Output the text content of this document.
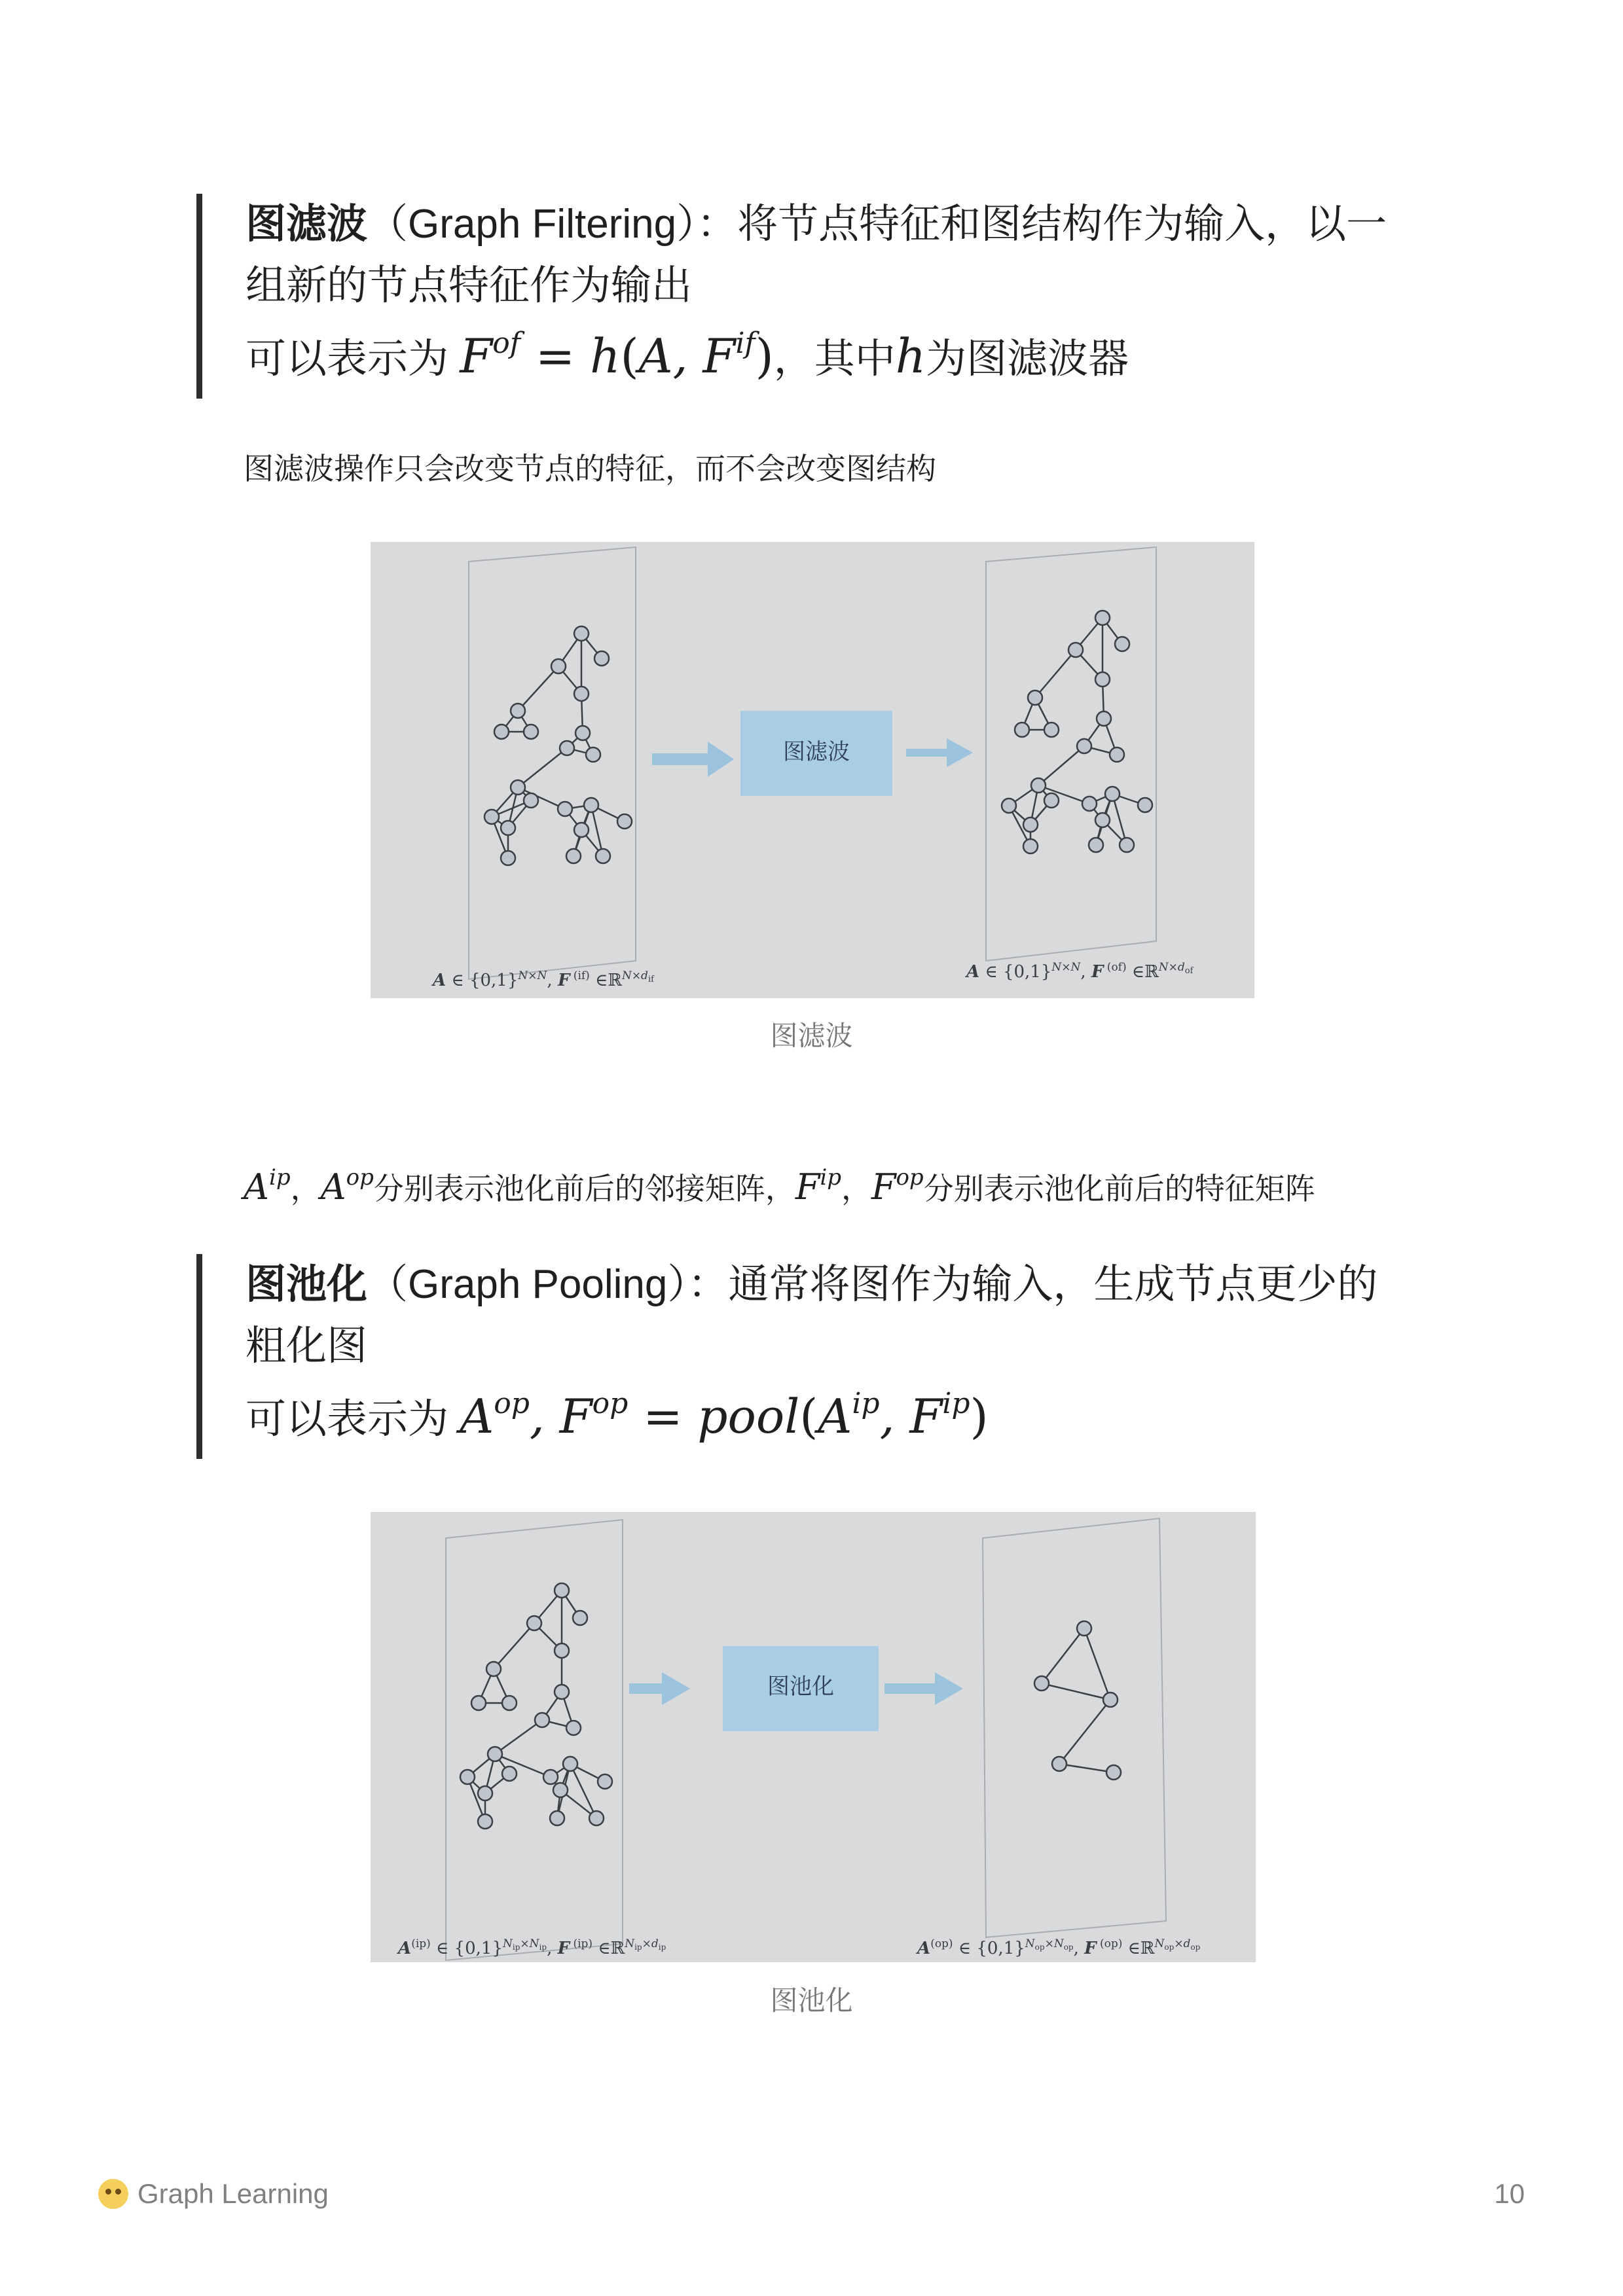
图滤波（Graph Filtering）：将节点特征和图结构作为输入，以一
组新的节点特征作为输出
可以表示为 $F^{of} = h(A$, $F^{if}$)，其中h为图滤波器
图滤波操作只会改变节点的特征，而不会改变图结构
图滤波
A ∈ $\{0,1\}^{N\times N}$, F $^{(if)}$ ∈ℝ$^{N\times d}$if	A ∈ $\{0,1\}^{N\times N}$, F $^{(of)}$ ∈ℝ$^{N\times d}$of
图滤波
$A^{ip}$，$A^{op}$分别表示池化前后的邻接矩阵，$F^{ip}$，$F^{op}$分别表示池化前后的特征矩阵
图池化（Graph Pooling）：通常将图作为输入，生成节点更少的
粗化图
可以表示为 $A^{op}$, $F^{op}$ = $pool(A^{ip}$, $F^{ip}$)
图池化
$A^{(ip)}$ ∈ $\{0,1\}^Nip\times Nip$, F $^{(ip)}$ ∈ℝ$^N$ip×dip	$A^{(op)}$ ∈ $\{0,1\}^Nop\times Nop$, F $^{(op)}$ ∈ℝ$^N$op×dop
图池化
Graph Learning	10
